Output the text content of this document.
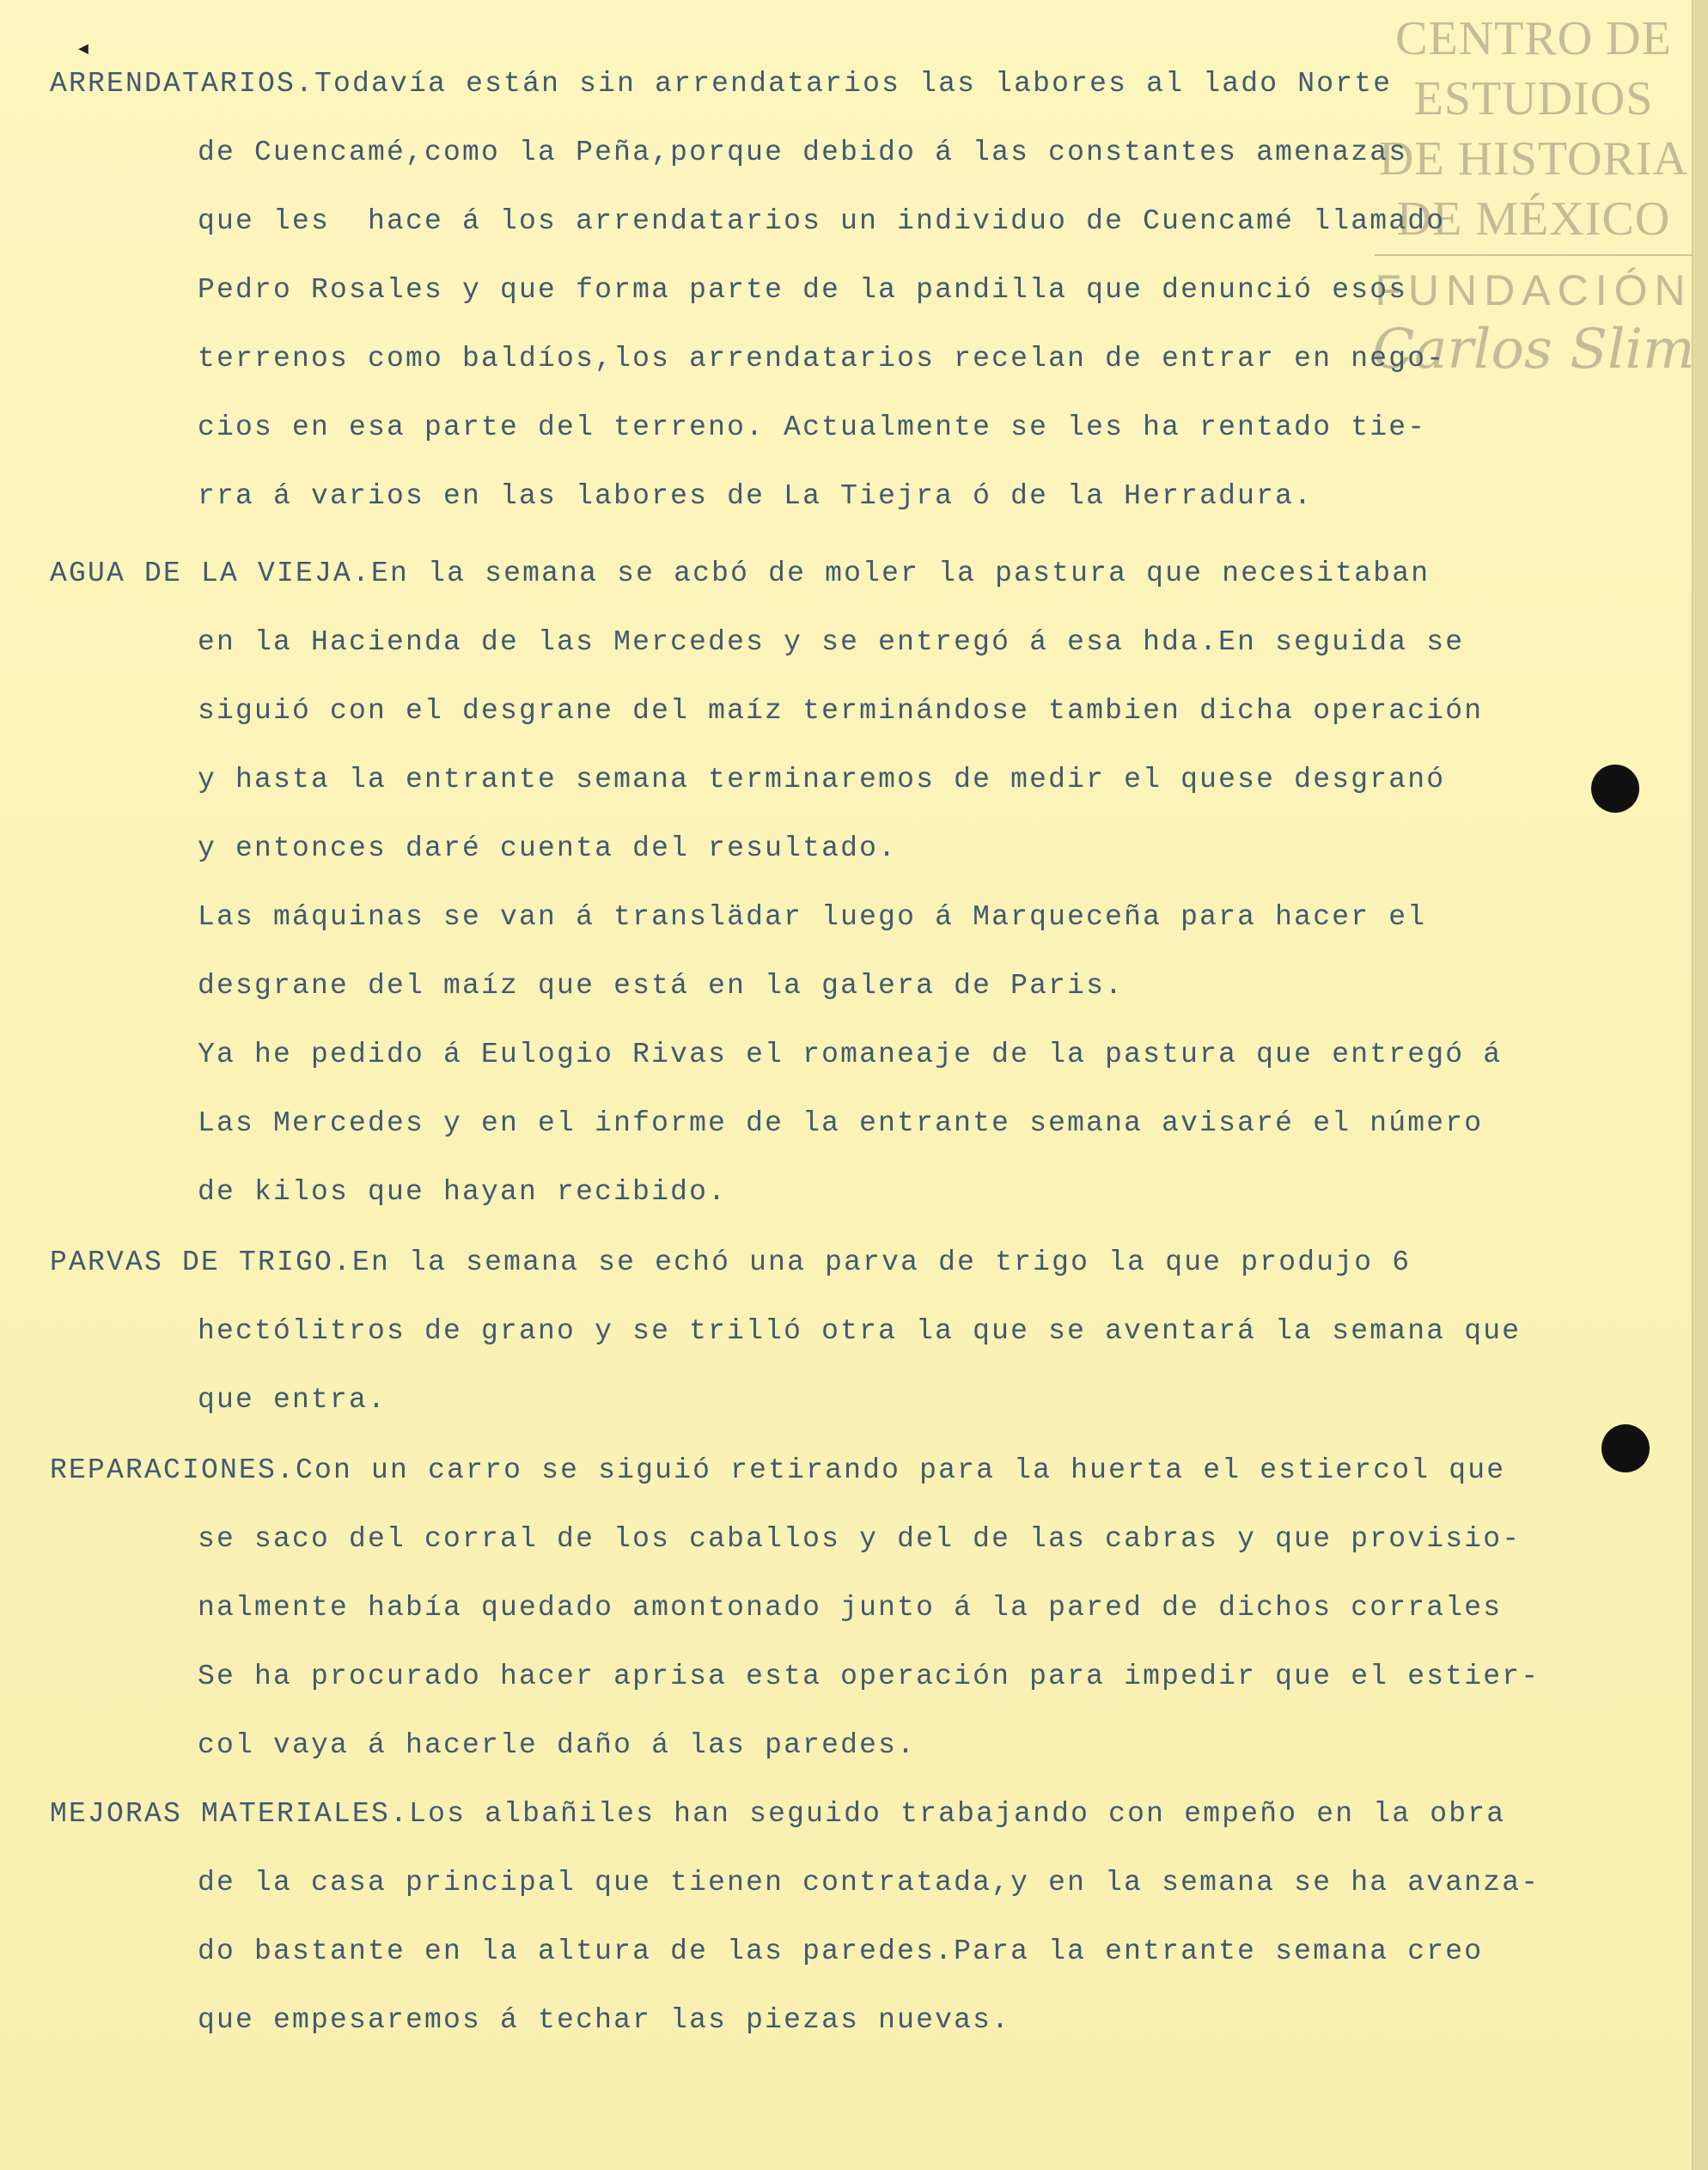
CENTRO DE
ESTUDIOS
DE HISTORIA
DE MÉXICO
FUNDACIÓN
Carlos Slim
◂
ARRENDATARIOS.Todavía están sin arrendatarios las labores al lado Norte
de Cuencamé,como la Peña,porque debido á las constantes amenazas
que les  hace á los arrendatarios un individuo de Cuencamé llamado
Pedro Rosales y que forma parte de la pandilla que denunció esos
terrenos como baldíos,los arrendatarios recelan de entrar en nego-
cios en esa parte del terreno. Actualmente se les ha rentado tie-
rra á varios en las labores de La Tiejra ó de la Herradura.
AGUA DE LA VIEJA.En la semana se acbó de moler la pastura que necesitaban
en la Hacienda de las Mercedes y se entregó á esa hda.En seguida se
siguió con el desgrane del maíz terminándose tambien dicha operación
y hasta la entrante semana terminaremos de medir el quese desgranó
y entonces daré cuenta del resultado.
Las máquinas se van á translädar luego á Marqueceña para hacer el
desgrane del maíz que está en la galera de Paris.
Ya he pedido á Eulogio Rivas el romaneaje de la pastura que entregó á
Las Mercedes y en el informe de la entrante semana avisaré el número
de kilos que hayan recibido.
PARVAS DE TRIGO.En la semana se echó una parva de trigo la que produjo 6
hectólitros de grano y se trilló otra la que se aventará la semana que
que entra.
REPARACIONES.Con un carro se siguió retirando para la huerta el estiercol que
se saco del corral de los caballos y del de las cabras y que provisio-
nalmente había quedado amontonado junto á la pared de dichos corrales
Se ha procurado hacer aprisa esta operación para impedir que el estier-
col vaya á hacerle daño á las paredes.
MEJORAS MATERIALES.Los albañiles han seguido trabajando con empeño en la obra
de la casa principal que tienen contratada,y en la semana se ha avanza-
do bastante en la altura de las paredes.Para la entrante semana creo
que empesaremos á techar las piezas nuevas.
